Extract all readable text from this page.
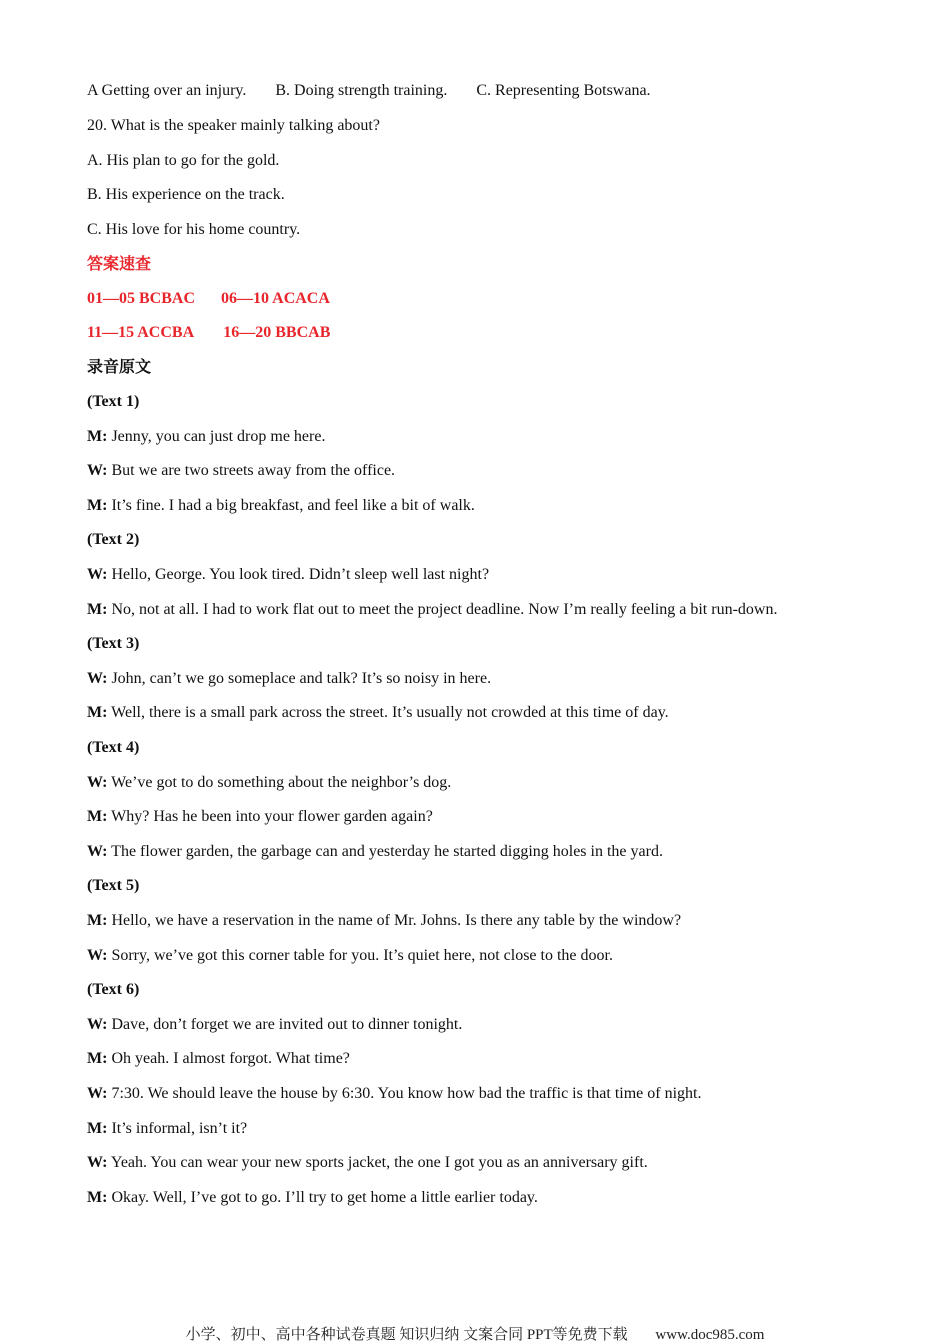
A Getting over an injury. B. Doing strength training. C. Representing Botswana.
20. What is the speaker mainly talking about?
A. His plan to go for the gold.
B. His experience on the track.
C. His love for his home country.
答案速查
01—05 BCBAC 06—10 ACACA
11—15 ACCBA 16—20 BBCAB
录音原文
(Text 1)
M: Jenny, you can just drop me here.
W: But we are two streets away from the office.
M: It’s fine. I had a big breakfast, and feel like a bit of walk.
(Text 2)
W: Hello, George. You look tired. Didn’t sleep well last night?
M: No, not at all. I had to work flat out to meet the project deadline. Now I’m really feeling a bit run-down.
(Text 3)
W: John, can’t we go someplace and talk? It’s so noisy in here.
M: Well, there is a small park across the street. It’s usually not crowded at this time of day.
(Text 4)
W: We’ve got to do something about the neighbor’s dog.
M: Why? Has he been into your flower garden again?
W: The flower garden, the garbage can and yesterday he started digging holes in the yard.
(Text 5)
M: Hello, we have a reservation in the name of Mr. Johns. Is there any table by the window?
W: Sorry, we’ve got this corner table for you. It’s quiet here, not close to the door.
(Text 6)
W: Dave, don’t forget we are invited out to dinner tonight.
M: Oh yeah. I almost forgot. What time?
W: 7:30. We should leave the house by 6:30. You know how bad the traffic is that time of night.
M: It’s informal, isn’t it?
W: Yeah. You can wear your new sports jacket, the one I got you as an anniversary gift.
M: Okay. Well, I’ve got to go. I’ll try to get home a little earlier today.
小学、初中、高中各种试卷真题 知识归纳 文案合同 PPT等免费下载 www.doc985.com
